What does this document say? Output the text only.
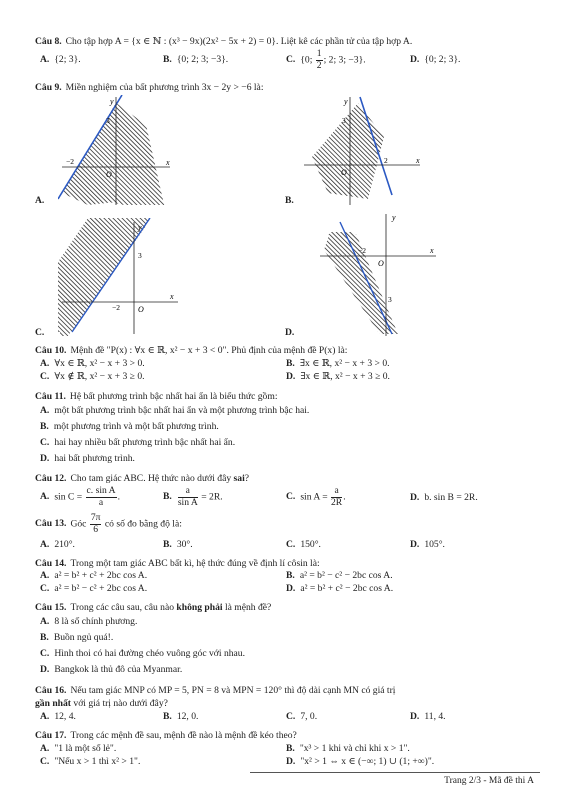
Câu 8. Cho tập hợp A = {x ∈ ℕ : (x³ − 9x)(2x² − 5x + 2) = 0}. Liệt kê các phần tử của tập hợp A.
A. {2; 3}.	B. {0; 2; 3; −3}.	C. {0; $\frac{1}{2}$ ; 2; 3; −3}.	D. {0; 2; 3}.
Câu 9. Miền nghiệm của bất phương trình 3x − 2y > −6 là:
y
x
O
3
−2
A.
y
x
O
3
2
B.
y
x
O
3
−2
C.
y
x
O
3
−2
D.
Câu 10. Mệnh đề "P(x) : ∀x ∈ ℝ, x² − x + 3 < 0". Phủ định của mệnh đề P(x) là:
A. ∀x ∈ ℝ, x² − x + 3 > 0.	B. ∃x ∈ ℝ, x² − x + 3 > 0.
C. ∀x ∉ ℝ, x² − x + 3 ≥ 0.	D. ∃x ∈ ℝ, x² − x + 3 ≥ 0.
Câu 11. Hệ bất phương trình bậc nhất hai ẩn là biểu thức gồm:
A. một bất phương trình bậc nhất hai ẩn và một phương trình bậc hai.
B. một phương trình và một bất phương trình.
C. hai hay nhiều bất phương trình bậc nhất hai ẩn.
D. hai bất phương trình.
Câu 12. Cho tam giác ABC. Hệ thức nào dưới đây sai?
A. $\sin C = \frac{\text{c. sin A}}{a}$ .	B. $\frac{a}{\text{sin A}} = 2R$.	C. $\sin A = \frac{a}{2R}$ .	D. b. sin B = 2R.
Câu 13. Góc $\frac{7\pi}{6}$ có số đo bằng độ là:
A. 210°.	B. 30°.	C. 150°.	D. 105°.
Câu 14. Trong một tam giác ABC bất kì, hệ thức đúng về định lí côsin là:
A. a² = b² + c² + 2bc cos A.	B. a² = b² − c² − 2bc cos A.
C. a² = b² − c² + 2bc cos A.	D. a² = b² + c² − 2bc cos A.
Câu 15. Trong các câu sau, câu nào không phải là mệnh đề?
A. 8 là số chính phương.
B. Buồn ngủ quá!.
C. Hình thoi có hai đường chéo vuông góc với nhau.
D. Bangkok là thủ đô của Myanmar.
Câu 16. Nếu tam giác MNP có MP = 5, PN = 8 và MPN = 120° thì độ dài cạnh MN có giá trị
gần nhất với giá trị nào dưới đây?
A. 12, 4.	B. 12, 0.	C. 7, 0.	D. 11, 4.
Câu 17. Trong các mệnh đề sau, mệnh đề nào là mệnh đề kéo theo?
A. "1 là một số lẻ".	B. "x³ > 1 khi và chỉ khi x > 1".
C. "Nếu x > 1 thì x² > 1".	D. "x² > 1 ⇔ x ∈ (−∞; 1) ∪ (1; +∞)".
Trang 2/3 - Mã đề thi A
